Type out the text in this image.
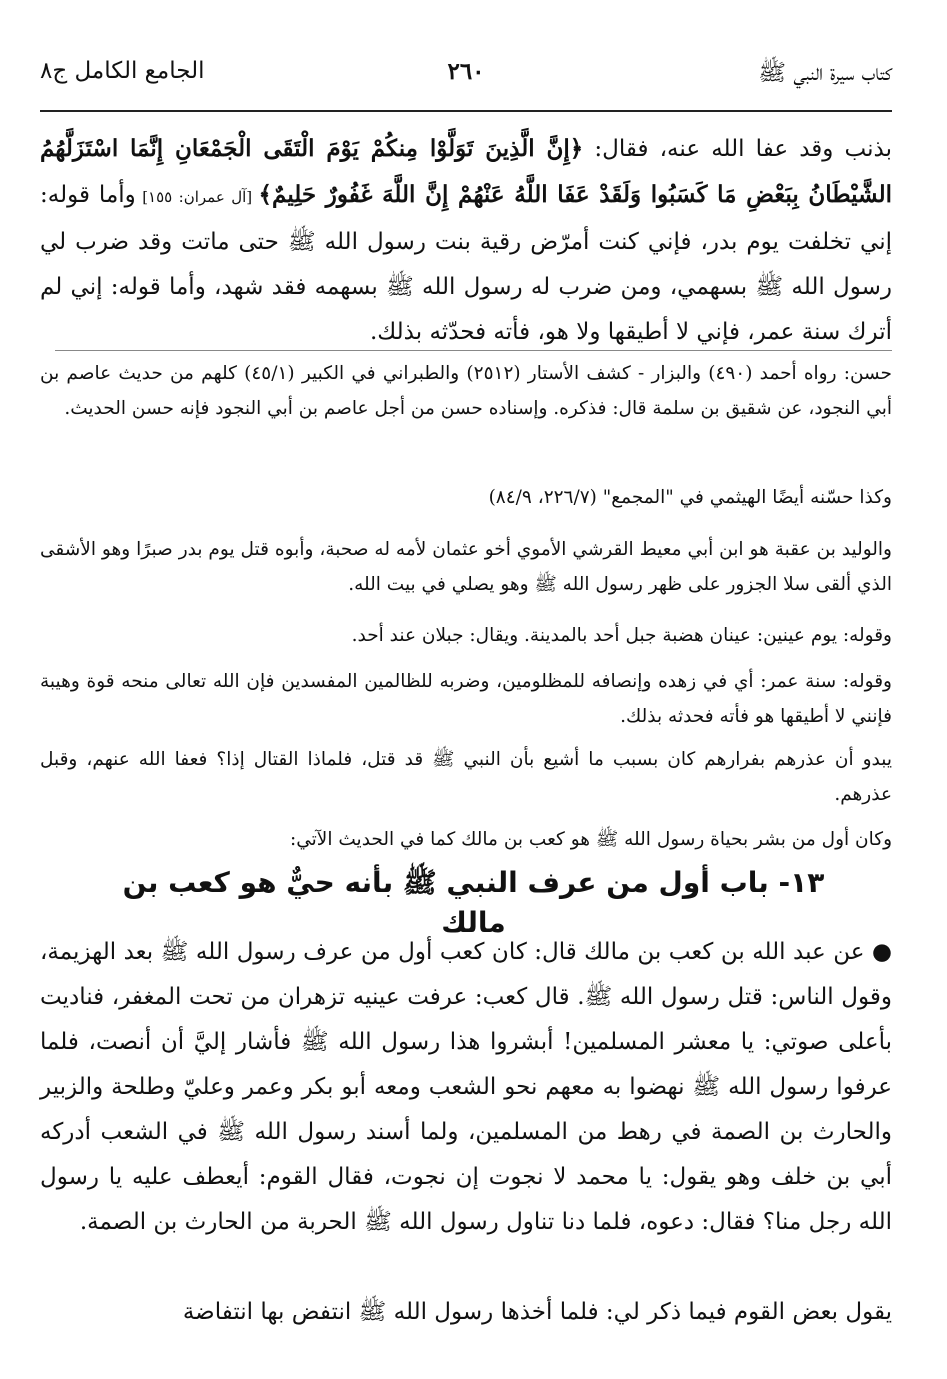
كتاب سيرة النبي ﷺ
٢٦٠
الجامع الكامل ج٨
بذنب وقد عفا الله عنه، فقال: ﴿إِنَّ الَّذِينَ تَوَلَّوْا مِنكُمْ يَوْمَ الْتَقَى الْجَمْعَانِ إِنَّمَا اسْتَزَلَّهُمُ الشَّيْطَانُ بِبَعْضِ مَا كَسَبُوا وَلَقَدْ عَفَا اللَّهُ عَنْهُمْ إِنَّ اللَّهَ غَفُورٌ حَلِيمٌ﴾ [آل عمران: ١٥٥] وأما قوله: إني تخلفت يوم بدر، فإني كنت أمرّض رقية بنت رسول الله ﷺ حتى ماتت وقد ضرب لي رسول الله ﷺ بسهمي، ومن ضرب له رسول الله ﷺ بسهمه فقد شهد، وأما قوله: إني لم أترك سنة عمر، فإني لا أطيقها ولا هو، فأته فحدّثه بذلك.
حسن: رواه أحمد (٤٩٠) والبزار - كشف الأستار (٢٥١٢) والطبراني في الكبير (٤٥/١) كلهم من حديث عاصم بن أبي النجود، عن شقيق بن سلمة قال: فذكره. وإسناده حسن من أجل عاصم بن أبي النجود فإنه حسن الحديث.
وكذا حسّنه أيضًا الهيثمي في "المجمع" (٢٢٦/٧، ٨٤/٩)
والوليد بن عقبة هو ابن أبي معيط القرشي الأموي أخو عثمان لأمه له صحبة، وأبوه قتل يوم بدر صبرًا وهو الأشقى الذي ألقى سلا الجزور على ظهر رسول الله ﷺ وهو يصلي في بيت الله.
وقوله: يوم عينين: عينان هضبة جبل أحد بالمدينة. ويقال: جبلان عند أحد.
وقوله: سنة عمر: أي في زهده وإنصافه للمظلومين، وضربه للظالمين المفسدين فإن الله تعالى منحه قوة وهيبة فإنني لا أطيقها هو فأته فحدثه بذلك.
يبدو أن عذرهم بفرارهم كان بسبب ما أشيع بأن النبي ﷺ قد قتل، فلماذا القتال إذا؟ فعفا الله عنهم، وقبل عذرهم.
وكان أول من بشر بحياة رسول الله ﷺ هو كعب بن مالك كما في الحديث الآتي:
١٣- باب أول من عرف النبي ﷺ بأنه حيٌّ هو كعب بن مالك
● عن عبد الله بن كعب بن مالك قال: كان كعب أول من عرف رسول الله ﷺ بعد الهزيمة، وقول الناس: قتل رسول الله ﷺ. قال كعب: عرفت عينيه تزهران من تحت المغفر، فناديت بأعلى صوتي: يا معشر المسلمين! أبشروا هذا رسول الله ﷺ فأشار إليَّ أن أنصت، فلما عرفوا رسول الله ﷺ نهضوا به معهم نحو الشعب ومعه أبو بكر وعمر وعليّ وطلحة والزبير والحارث بن الصمة في رهط من المسلمين، ولما أسند رسول الله ﷺ في الشعب أدركه أبي بن خلف وهو يقول: يا محمد لا نجوت إن نجوت، فقال القوم: أيعطف عليه يا رسول الله رجل منا؟ فقال: دعوه، فلما دنا تناول رسول الله ﷺ الحربة من الحارث بن الصمة.
يقول بعض القوم فيما ذكر لي: فلما أخذها رسول الله ﷺ انتفض بها انتفاضة
